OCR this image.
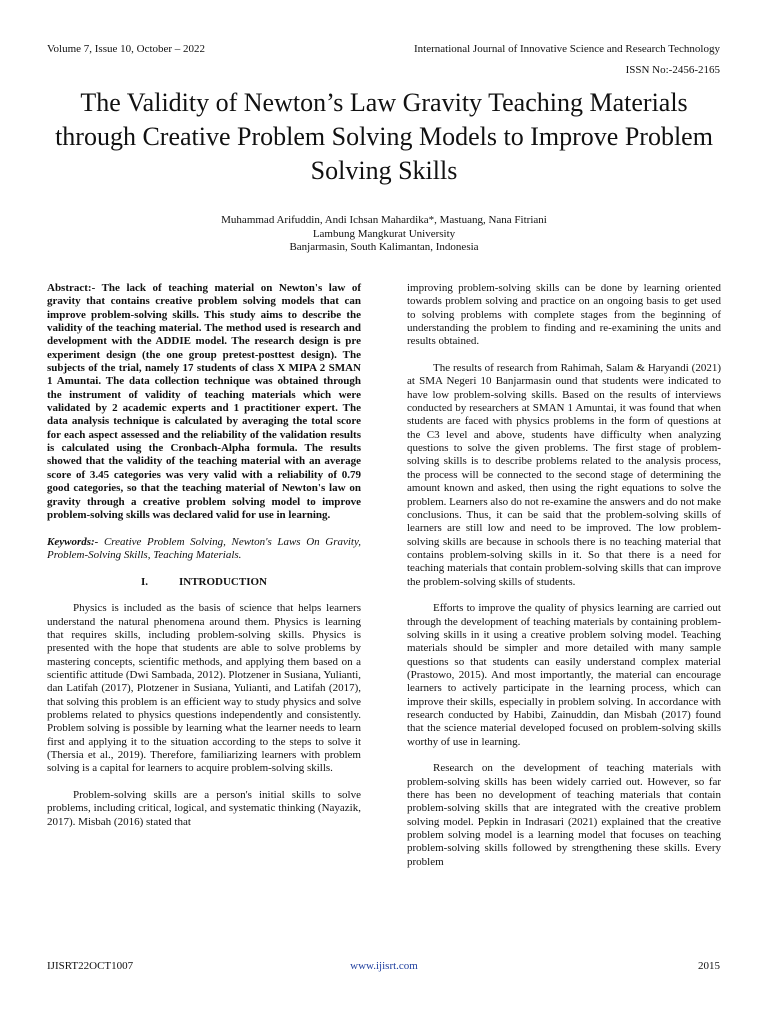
Volume 7, Issue 10, October – 2022	International Journal of Innovative Science and Research Technology
ISSN No:-2456-2165
The Validity of Newton’s Law Gravity Teaching Materials through Creative Problem Solving Models to Improve Problem Solving Skills
Muhammad Arifuddin, Andi Ichsan Mahardika*, Mastuang, Nana Fitriani
Lambung Mangkurat University
Banjarmasin, South Kalimantan, Indonesia

Abstract:- The lack of teaching material on Newton's law of gravity that contains creative problem solving models that can improve problem-solving skills. This study aims to describe the validity of the teaching material. The method used is research and development with the ADDIE model. The research design is pre experiment design (the one group pretest-posttest design). The subjects of the trial, namely 17 students of class X MIPA 2 SMAN 1 Amuntai. The data collection technique was obtained through the instrument of validity of teaching materials which were validated by 2 academic experts and 1 practitioner expert. The data analysis technique is calculated by averaging the total score for each aspect assessed and the reliability of the validation results is calculated using the Cronbach-Alpha formula. The results showed that the validity of the teaching material with an average score of 3.45 categories was very valid with a reliability of 0.79 good categories, so that the teaching material of Newton's law on gravity through a creative problem solving model to improve problem-solving skills was declared valid for use in learning.

Keywords:- Creative Problem Solving, Newton's Laws On Gravity, Problem-Solving Skills, Teaching Materials.

I.	INTRODUCTION

Physics is included as the basis of science that helps learners understand the natural phenomena around them. Physics is learning that requires skills, including problem-solving skills. Physics is presented with the hope that students are able to solve problems by mastering concepts, scientific methods, and applying them based on a scientific attitude (Dwi Sambada, 2012). Plotzener in Susiana, Yulianti, dan Latifah (2017), Plotzener in Susiana, Yulianti, and Latifah (2017), that solving this problem is an efficient way to study physics and solve problems related to physics questions independently and consistently. Problem solving is possible by learning what the learner needs to learn first and applying it to the situation according to the steps to solve it (Thersia et al., 2019). Therefore, familiarizing learners with problem solving is a capital for learners to acquire problem-solving skills.

Problem-solving skills are a person's initial skills to solve problems, including critical, logical, and systematic thinking (Nayazik, 2017). Misbah (2016) stated that

improving problem-solving skills can be done by learning oriented towards problem solving and practice on an ongoing basis to get used to solving problems with complete stages from the beginning of understanding the problem to finding and re-examining the units and results obtained.

The results of research from Rahimah, Salam & Haryandi (2021) at SMA Negeri 10 Banjarmasin ound that students were indicated to have low problem-solving skills. Based on the results of interviews conducted by researchers at SMAN 1 Amuntai, it was found that when students are faced with physics problems in the form of questions at the C3 level and above, students have difficulty when analyzing questions to solve the given problems. The first stage of problem-solving skills is to describe problems related to the analysis process, the process will be connected to the second stage of determining the amount known and asked, then using the right equations to solve the problem. Learners also do not re-examine the answers and do not make conclusions. Thus, it can be said that the problem-solving skills of learners are still low and need to be improved. The low problem-solving skills are because in schools there is no teaching material that contains problem-solving skills in it. So that there is a need for teaching materials that contain problem-solving skills that can improve the problem-solving skills of students.

Efforts to improve the quality of physics learning are carried out through the development of teaching materials by containing problem-solving skills in it using a creative problem solving model. Teaching materials should be simpler and more detailed with many sample questions so that students can easily understand complex material (Prastowo, 2015). And most importantly, the material can encourage learners to actively participate in the learning process, which can improve their skills, especially in problem solving. In accordance with research conducted by Habibi, Zainuddin, dan Misbah (2017) found that the science material developed focused on problem-solving skills worthy of use in learning.

Research on the development of teaching materials with problem-solving skills has been widely carried out. However, so far there has been no development of teaching materials that contain problem-solving skills that are integrated with the creative problem solving model. Pepkin in Indrasari (2021) explained that the creative problem solving model is a learning model that focuses on teaching problem-solving skills followed by strengthening these skills. Every problem

IJISRT22OCT1007	www.ijisrt.com	2015
